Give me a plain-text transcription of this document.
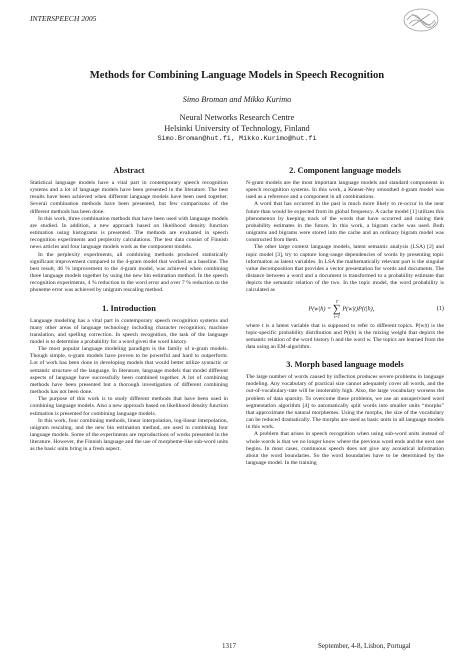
INTERSPEECH 2005
Methods for Combining Language Models in Speech Recognition
Simo Broman and Mikko Kurimo
Neural Networks Research Centre
Helsinki University of Technology, Finland
Simo.Broman@hut.fi, Mikko.Kurimo@hut.fi
Abstract

Statistical language models have a vital part in contemporary speech recognition systems and a lot of language models have been presented in the literature. The best results have been achieved when different language models have been used together. Several combination methods have been presented, but few comparisons of the different methods has been done.

In this work, three combination methods that have been used with language models are studied. In addition, a new approach based on likelihood density function estimation using histograms is presented. The methods are evaluated in speech recognition experiments and perplexity calculations. The test data consist of Finnish news articles and four language models work as the component models.

In the perplexity experiments, all combining methods produced statistically significant improvement compared to the 4-gram model that worked as a baseline. The best result, 46 % improvement to the 4-gram model, was achieved when combining three language models together by using the new bin estimation method. In the speech recognition experiments, 4 % reduction to the word error and over 7 % reduction to the phoneme error was achieved by unigram rescaling method.

1. Introduction

Language modeling has a vital part in contemporary speech recognition systems and many other areas of language technology including character recognition, machine translation, and spelling correction. In speech recognition, the task of the language model is to determine a probability for a word given the word history.

The most popular language modeling paradigm is the family of n-gram models. Though simple, n-gram models have proven to be powerful and hard to outperform. Lot of work has been done in developing models that would better utilize syntactic or semantic structure of the language. In literature, language models that model different aspects of language have successfully been combined together. A lot of combining methods have been presented but a thorough investigation of different combining methods has not been done.

The purpose of this work is to study different methods that have been used in combining language models. Also a new approach based on likelihood density function estimation is presented for combining language models.

In this work, four combining methods, linear interpolation, log-linear interpolation, unigram rescaling, and the new bin estimation method, are used in combining four language models. Some of the experiments are reproductions of works presented in the literature. However, the Finnish language and the use of morpheme-like sub-word units as the basic units bring in a fresh aspect.

2. Component language models

N-gram models are the most important language models and standard components in speech recognition systems. In this work, a Kneser-Ney smoothed 4-gram model was used as a reference and a component in all combinations.

A word that has occurred in the past is much more likely to re-occur in the near future than would be expected from its global frequency. A cache model [1] utilizes this phenomenon by keeping track of the words that have occurred and raising their probability estimates in the future. In this work, a bigram cache was used. Both unigrams and bigrams were stored into the cache and an ordinary bigram model was constructed from them.

The other large context language models, latent semantic analysis (LSA) [2] and topic model [3], try to capture long-range dependencies of words by presenting topic information as latent variables. In LSA the mathematically relevant part is the singular value decomposition that provides a vector presentation for words and documents. The distance between a word and a document is transformed to a probability estimate that depicts the semantic relation of the two. In the topic model, the word probability is calculated as

P(w|h) =
T
∑
t=1
P(w|t)P(t|h),	(1)

where t is a latent variable that is supposed to refer to different topics. P(w|t) is the topic-specific probability distribution and P(t|h) is the mixing weight that depicts the semantic relation of the word history h and the word w. The topics are learned from the data using an EM-algorithm.

3. Morph based language models

The large number of words caused by inflection produces severe problems in language modeling. Any vocabulary of practical size cannot adequately cover all words, and the out-of-vocabulary-rate will be intolerably high. Also, the large vocabulary worsens the problem of data sparsity. To overcome these problems, we use an unsupervised word segmentation algorithm [4] to automatically split words into smaller units “morphs” that approximate the natural morphemes. Using the morphs, the size of the vocabulary can be reduced dramatically. The morphs are used as basic units in all language models in this work.

A problem that arises in speech recognition when using sub-word units instead of whole words is that we no longer know where the previous word ends and the next one begins. In most cases, continuous speech does not give any acoustical information about the word boundaries. So the word boundaries have to be determined by the language model. In the training

1317	September, 4-8, Lisbon, Portugal
